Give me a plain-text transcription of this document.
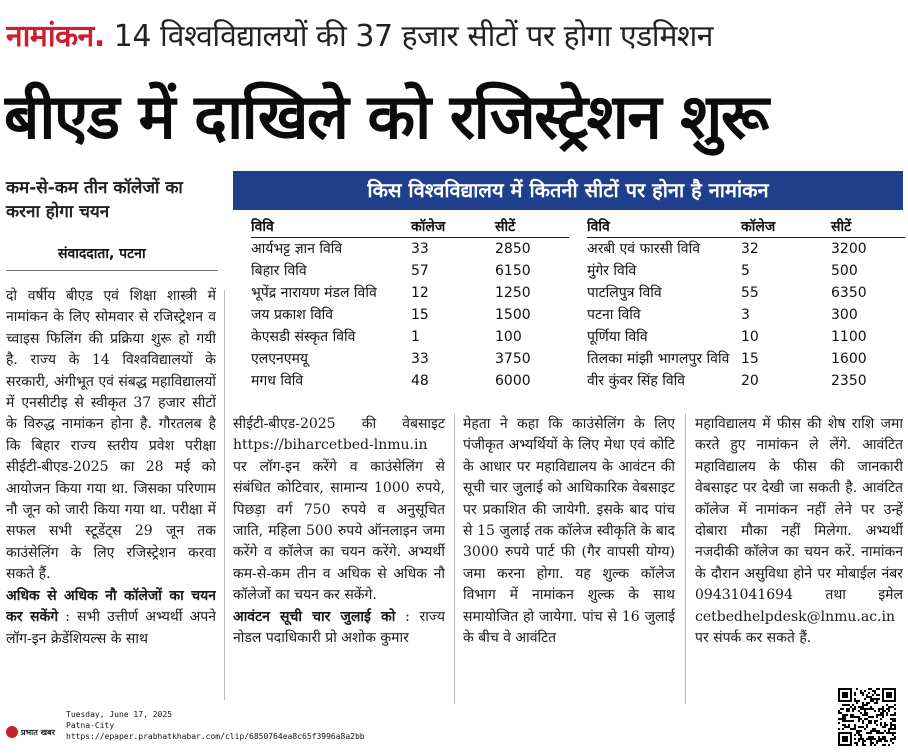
नामांकन. 14 विश्वविद्यालयों की 37 हजार सीटों पर होगा एडमिशन
बीएड में दाखिले को रजिस्ट्रेशन शुरू
कम-से-कम तीन कॉलेजों का करना होगा चयन
संवाददाता, पटना
किस विश्वविद्यालय में कितनी सीटों पर होना है नामांकन
विवि	कॉलेज	सीटें
आर्यभट्ट ज्ञान विवि	33	2850
बिहार विवि	57	6150
भूपेंद्र नारायण मंडल विवि	12	1250
जय प्रकाश विवि	15	1500
केएसडी संस्कृत विवि	1	100
एलएनएमयू	33	3750
मगध विवि	48	6000
विवि	कॉलेज	सीटें
अरबी एवं फारसी विवि	32	3200
मुंगेर विवि	5	500
पाटलिपुत्र विवि	55	6350
पटना विवि	3	300
पूर्णिया विवि	10	1100
तिलका मांझी भागलपुर विवि 15	1600
वीर कुंवर सिंह विवि	20	2350
दो वर्षीय बीएड एवं शिक्षा शास्त्री में नामांकन के लिए सोमवार से रजिस्ट्रेशन व च्वाइस फिलिंग की प्रक्रिया शुरू हो गयी है. राज्य के 14 विश्वविद्यालयों के सरकारी, अंगीभूत एवं संबद्ध महाविद्यालयों में एनसीटीइ से स्वीकृत 37 हजार सीटों के विरुद्ध नामांकन होना है. गौरतलब है कि बिहार राज्य स्तरीय प्रवेश परीक्षा सीईटी-बीएड-2025 का 28 मई को आयोजन किया गया था. जिसका परिणाम नौ जून को जारी किया गया था. परीक्षा में सफल सभी स्टूडेंट्स 29 जून तक काउंसेलिंग के लिए रजिस्ट्रेशन करवा सकते हैं.
अधिक से अधिक नौ कॉलेजों का चयन कर सकेंगे : सभी उत्तीर्ण अभ्यर्थी अपने लॉग-इन क्रेडेंशियल्स के साथ
सीईटी-बीएड-2025 की वेबसाइट https://biharcetbed-lnmu.in पर लॉग-इन करेंगे व काउंसेलिंग से संबंधित कोटिवार, सामान्य 1000 रुपये, पिछड़ा वर्ग 750 रुपये व अनुसूचित जाति, महिला 500 रुपये ऑनलाइन जमा करेंगे व कॉलेज का चयन करेंगे. अभ्यर्थी कम-से-कम तीन व अधिक से अधिक नौ कॉलेजों का चयन कर सकेंगे.
आवंटन सूची चार जुलाई को : राज्य नोडल पदाधिकारी प्रो अशोक कुमार
मेहता ने कहा कि काउंसेलिंग के लिए पंजीकृत अभ्यर्थियों के लिए मेधा एवं कोटि के आधार पर महाविद्यालय के आवंटन की सूची चार जुलाई को आधिकारिक वेबसाइट पर प्रकाशित की जायेगी. इसके बाद पांच से 15 जुलाई तक कॉलेज स्वीकृति के बाद 3000 रुपये पार्ट फी (गैर वापसी योग्य) जमा करना होगा. यह शुल्क कॉलेज विभाग में नामांकन शुल्क के साथ समायोजित हो जायेगा. पांच से 16 जुलाई के बीच वे आवंटित
महाविद्यालय में फीस की शेष राशि जमा करते हुए नामांकन ले लेंगे. आवंटित महाविद्यालय के फीस की जानकारी वेबसाइट पर देखी जा सकती है. आवंटित कॉलेज में नामांकन नहीं लेने पर उन्हें दोबारा मौका नहीं मिलेगा. अभ्यर्थी नजदीकी कॉलेज का चयन करें. नामांकन के दौरान असुविधा होने पर मोबाईल नंबर 09431041694 तथा इमेल cetbedhelpdesk@lnmu.ac.in पर संपर्क कर सकते हैं.
प्रभात खबर
Tuesday, June 17, 2025
Patna-City
https://epaper.prabhatkhabar.com/clip/6850764ea8c65f3996a8a2bb
